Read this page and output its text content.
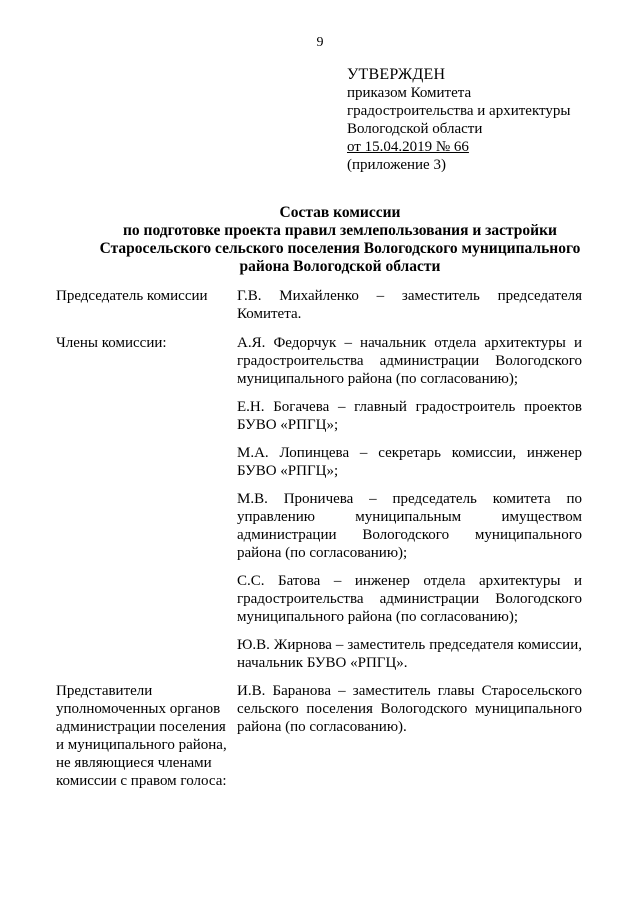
9
УТВЕРЖДЕН
приказом Комитета
градостроительства и архитектуры
Вологодской области
от 15.04.2019 № 66
(приложение 3)
Состав комиссии
по подготовке проекта правил землепользования и застройки
Старосельского сельского поселения Вологодского муниципального
района Вологодской области
Председатель комиссии	Г.В. Михайленко – заместитель председателя Комитета.
Члены комиссии:	А.Я. Федорчук – начальник отдела архитектуры и градостроительства администрации Вологодского муниципального района (по согласованию);
Е.Н. Богачева – главный градостроитель проектов БУВО «РПГЦ»;
М.А. Лопинцева – секретарь комиссии, инженер БУВО «РПГЦ»;
М.В. Проничева – председатель комитета по управлению муниципальным имуществом администрации Вологодского муниципального района (по согласованию);
С.С. Батова – инженер отдела архитектуры и градостроительства администрации Вологодского муниципального района (по согласованию);
Ю.В. Жирнова – заместитель председателя комиссии, начальник БУВО «РПГЦ».
Представители уполномоченных органов администрации поселения и муниципального района, не являющиеся членами комиссии с правом голоса:
И.В. Баранова – заместитель главы Старосельского сельского поселения Вологодского муниципального района (по согласованию).
